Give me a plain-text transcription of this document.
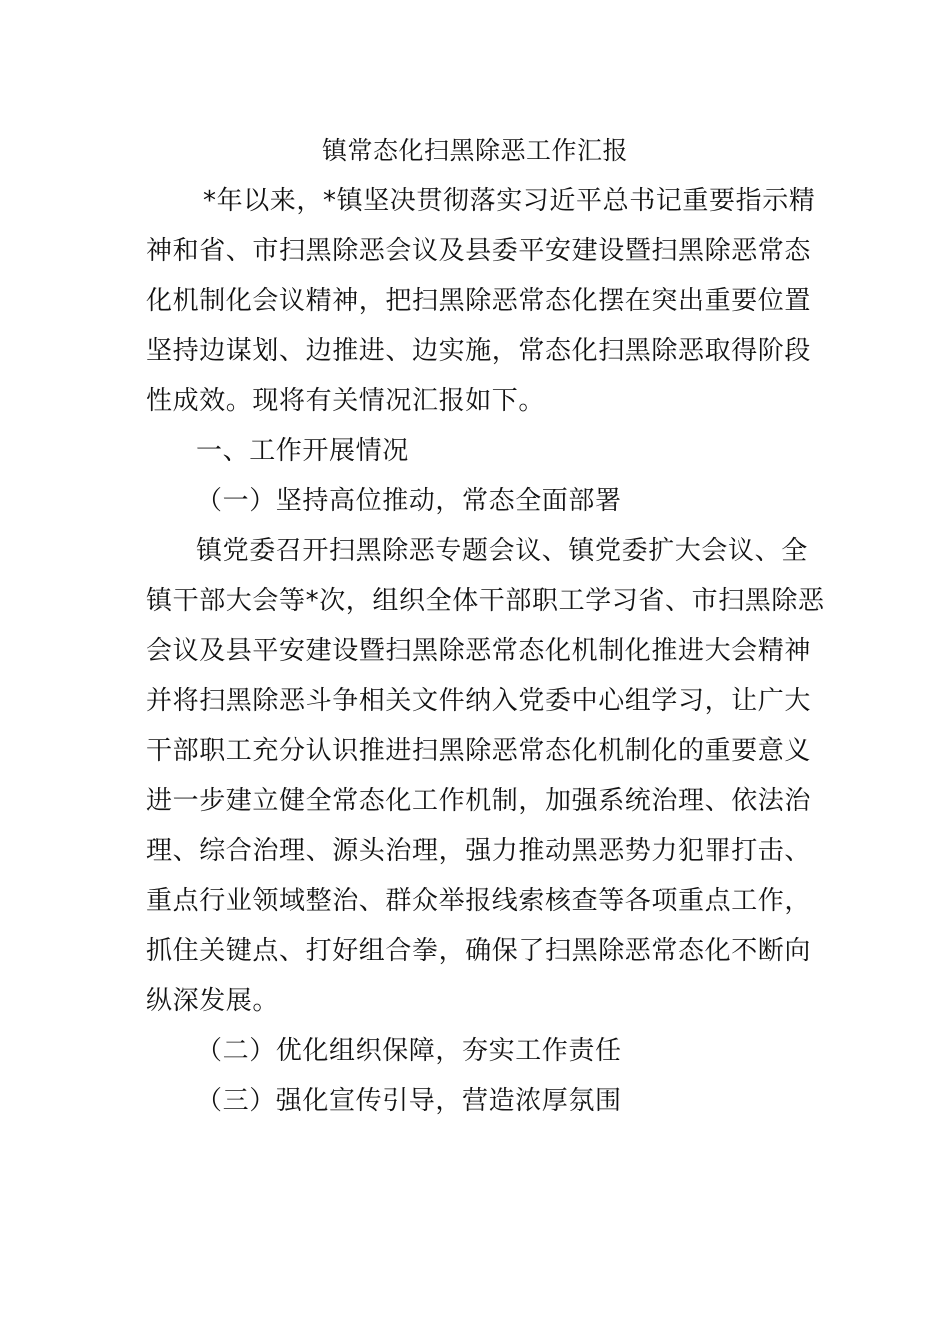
镇常态化扫黑除恶工作汇报
*年以来，*镇坚决贯彻落实习近平总书记重要指示精
神和省、市扫黑除恶会议及县委平安建设暨扫黑除恶常态
化机制化会议精神，把扫黑除恶常态化摆在突出重要位置
坚持边谋划、边推进、边实施，常态化扫黑除恶取得阶段
性成效。现将有关情况汇报如下。
一、工作开展情况
（一）坚持高位推动，常态全面部署
镇党委召开扫黑除恶专题会议、镇党委扩大会议、全
镇干部大会等*次，组织全体干部职工学习省、市扫黑除恶
会议及县平安建设暨扫黑除恶常态化机制化推进大会精神
并将扫黑除恶斗争相关文件纳入党委中心组学习，让广大
干部职工充分认识推进扫黑除恶常态化机制化的重要意义
进一步建立健全常态化工作机制，加强系统治理、依法治
理、综合治理、源头治理，强力推动黑恶势力犯罪打击、
重点行业领域整治、群众举报线索核查等各项重点工作，
抓住关键点、打好组合拳，确保了扫黑除恶常态化不断向
纵深发展。
（二）优化组织保障，夯实工作责任
（三）强化宣传引导，营造浓厚氛围
